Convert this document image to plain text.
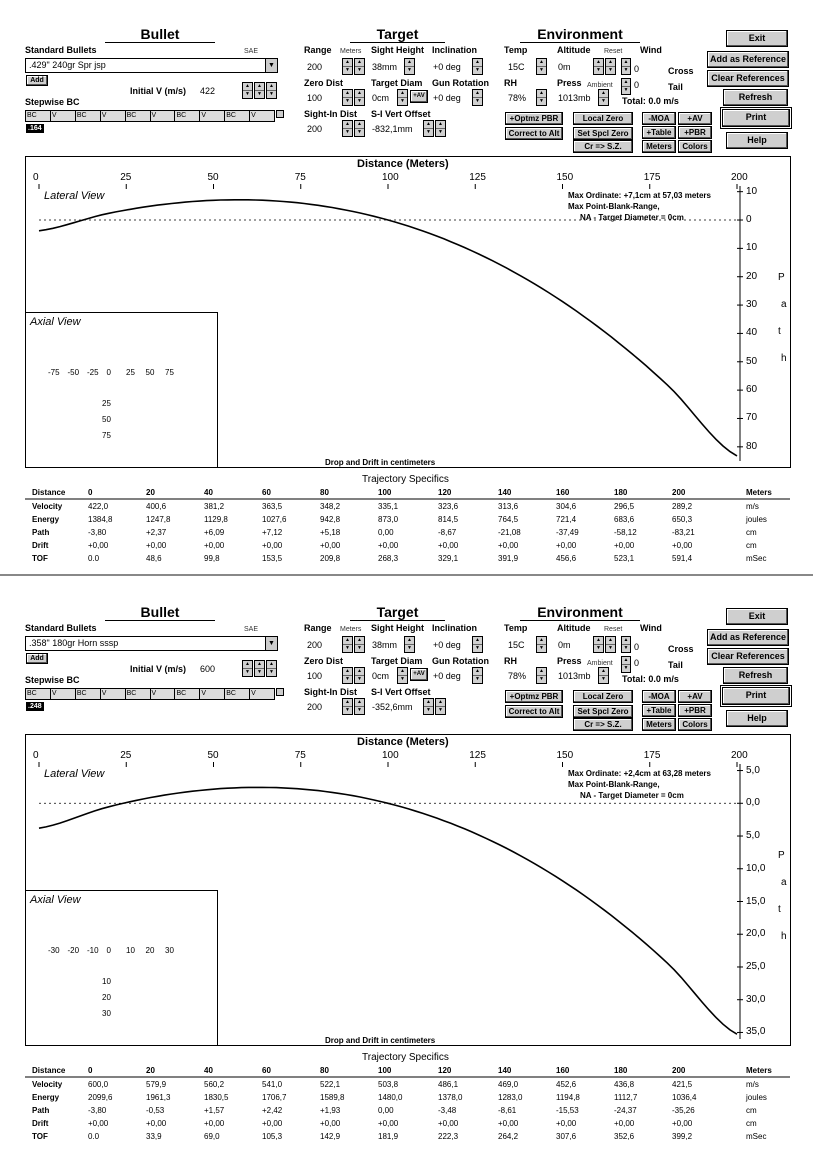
Bullet	Target	Environment
Standard Bullets	SAE
.429" 240gr Spr jsp	▼
Add
Initial V (m/s) 422	▲
▼
▲
▼
▲
▼
Stepwise BC
BC	V	BC	V	BC	V	BC	V	BC	V
.164
Range Meters Sight Height Inclination
200	▲
▼
▲
▼ 38mm	▲
▼ +0 deg	▲
▼
Zero Dist	Target Diam Gun Rotation
100	▲
▼
▲
▼ 0cm	▲
▼
+AV +0 deg	▲
▼
Sight-In Dist S-I Vert Offset
200	▲
▼
▲
▼ -832,1mm	▲
▼
▲
▼
Temp	Altitude Reset Wind
15C	▲
▼ 0m	▲
▼
▲
▼
▲
▼ 0	Cross
RH	Press Ambient	Tail
78%	▲
▼ 1013mb	▲
▼
▲
▼ 0
Total: 0.0 m/s
+Optmz PBR
Correct to Alt
Local Zero
Set Spcl Zero
Cr => S.Z.
-MOA	+AV
+Table	+PBR
Meters	Colors
Exit
Add as Reference
Clear References
Refresh
Print
Help
Distance (Meters)
0	25	50	75	100	125	150	175	200
10
0
10
20
30
40
50
60
70
80
P
a
t
h
Lateral View	Max Ordinate: +7,1cm at 57,03 meters
Max Point-Blank-Range,
NA - Target Diameter = 0cm
Axial View
-75 -50 -25 0 25 50 75
25
50
75
Drop and Drift in centimeters
Trajectory Specifics
Distance	0	20	40	60	80	100	120	140	160	180	200	Meters
Velocity	422,0	400,6	381,2	363,5	348,2	335,1	323,6	313,6	304,6	296,5	289,2	m/s
Energy	1384,8	1247,8	1129,8	1027,6	942,8	873,0	814,5	764,5	721,4	683,6	650,3	joules
Path	-3,80	+2,37	+6,09	+7,12	+5,18	0,00	-8,67	-21,08	-37,49	-58,12	-83,21	cm
Drift	+0,00	+0,00	+0,00	+0,00	+0,00	+0,00	+0,00	+0,00	+0,00	+0,00	+0,00	cm
TOF	0.0	48,6	99,8	153,5	209,8	268,3	329,1	391,9	456,6	523,1	591,4	mSec
Bullet	Target	Environment
Standard Bullets	SAE
.358" 180gr Horn sssp	▼
Add
Initial V (m/s) 600	▲
▼
▲
▼
▲
▼
Stepwise BC
BC	V	BC	V	BC	V	BC	V	BC	V
.248
Range Meters Sight Height Inclination
200	▲
▼
▲
▼ 38mm	▲
▼ +0 deg	▲
▼
Zero Dist	Target Diam Gun Rotation
100	▲
▼
▲
▼ 0cm	▲
▼
+AV +0 deg	▲
▼
Sight-In Dist S-I Vert Offset
200	▲
▼
▲
▼ -352,6mm	▲
▼
▲
▼
Temp	Altitude Reset Wind
15C	▲
▼ 0m	▲
▼
▲
▼
▲
▼ 0	Cross
RH	Press Ambient	Tail
78%	▲
▼ 1013mb	▲
▼
▲
▼ 0
Total: 0.0 m/s
+Optmz PBR
Correct to Alt
Local Zero
Set Spcl Zero
Cr => S.Z.
-MOA	+AV
+Table	+PBR
Meters	Colors
Exit
Add as Reference
Clear References
Refresh
Print
Help
Distance (Meters)
0	25	50	75	100	125	150	175	200
5,0
0,0
5,0
10,0
15,0
20,0
25,0
30,0
35,0
P
a
t
h
Lateral View	Max Ordinate: +2,4cm at 63,28 meters
Max Point-Blank-Range,
NA - Target Diameter = 0cm
Axial View
-30 -20 -10 0 10 20 30
10
20
30
Drop and Drift in centimeters
Trajectory Specifics
Distance	0	20	40	60	80	100	120	140	160	180	200	Meters
Velocity	600,0	579,9	560,2	541,0	522,1	503,8	486,1	469,0	452,6	436,8	421,5	m/s
Energy	2099,6	1961,3	1830,5	1706,7	1589,8	1480,0	1378,0	1283,0	1194,8	1112,7	1036,4	joules
Path	-3,80	-0,53	+1,57	+2,42	+1,93	0,00	-3,48	-8,61	-15,53	-24,37	-35,26	cm
Drift	+0,00	+0,00	+0,00	+0,00	+0,00	+0,00	+0,00	+0,00	+0,00	+0,00	+0,00	cm
TOF	0.0	33,9	69,0	105,3	142,9	181,9	222,3	264,2	307,6	352,6	399,2	mSec
